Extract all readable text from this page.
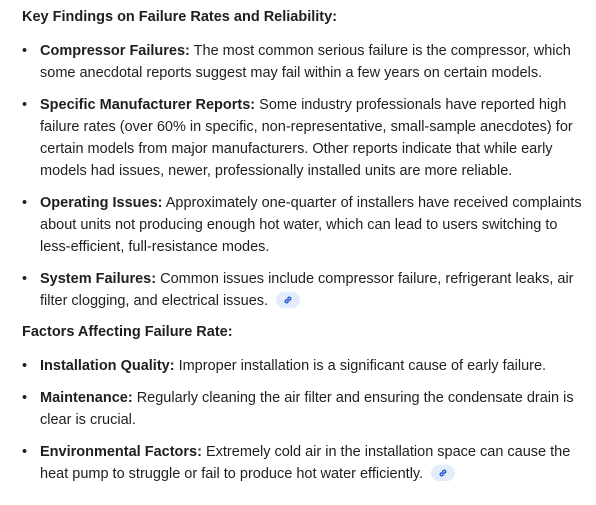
Key Findings on Failure Rates and Reliability:
• Compressor Failures: The most common serious failure is the compressor, which some anecdotal reports suggest may fail within a few years on certain models.
• Specific Manufacturer Reports: Some industry professionals have reported high failure rates (over 60% in specific, non-representative, small-sample anecdotes) for certain models from major manufacturers. Other reports indicate that while early models had issues, newer, professionally installed units are more reliable.
• Operating Issues: Approximately one-quarter of installers have received complaints about units not producing enough hot water, which can lead to users switching to less-efficient, full-resistance modes.
• System Failures: Common issues include compressor failure, refrigerant leaks, air filter clogging, and electrical issues.
Factors Affecting Failure Rate:
• Installation Quality: Improper installation is a significant cause of early failure.
• Maintenance: Regularly cleaning the air filter and ensuring the condensate drain is clear is crucial.
• Environmental Factors: Extremely cold air in the installation space can cause the heat pump to struggle or fail to produce hot water efficiently.
